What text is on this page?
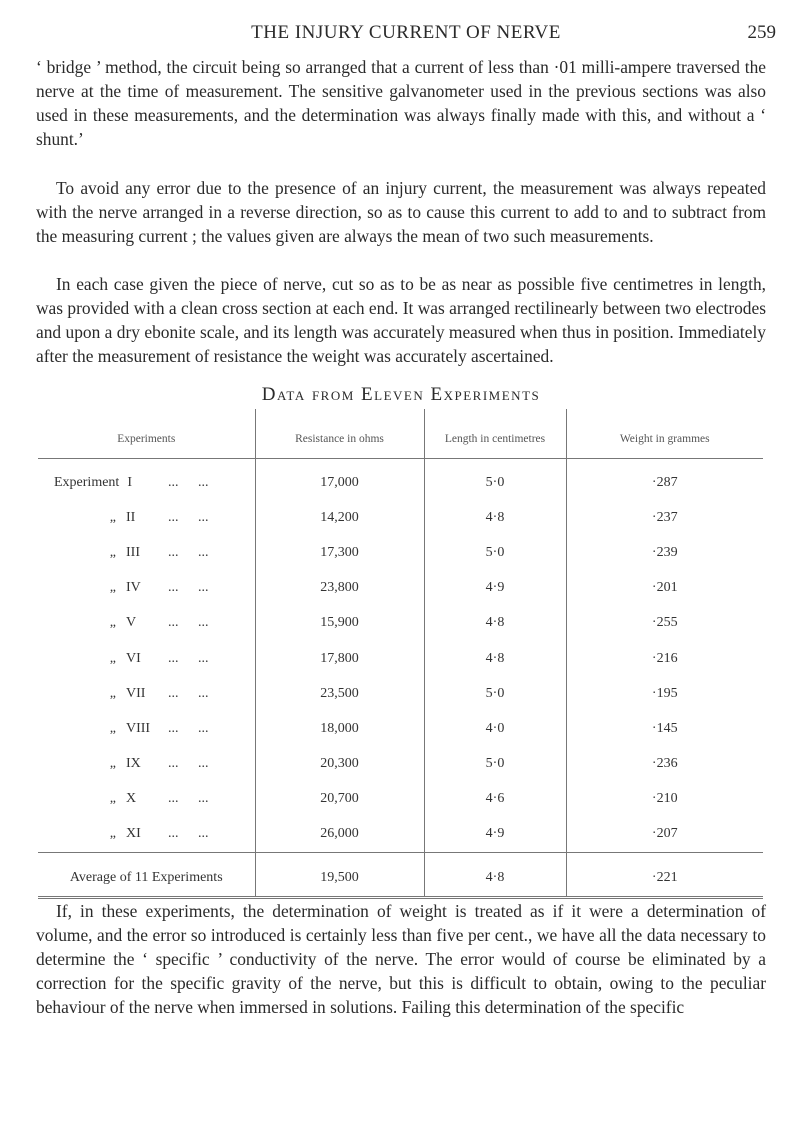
THE INJURY CURRENT OF NERVE	259

‘ bridge ’ method, the circuit being so arranged that a current of less than ·01 milli-ampere traversed the nerve at the time of measurement. The sensitive galvanometer used in the previous sections was also used in these measurements, and the determination was always finally made with this, and without a ‘ shunt.’

To avoid any error due to the presence of an injury current, the measurement was always repeated with the nerve arranged in a reverse direction, so as to cause this current to add to and to subtract from the measuring current ; the values given are always the mean of two such measurements.

In each case given the piece of nerve, cut so as to be as near as possible five centimetres in length, was provided with a clean cross section at each end. It was arranged rectilinearly between two electrodes and upon a dry ebonite scale, and its length was accurately measured when thus in position. Immediately after the measurement of resistance the weight was accurately ascertained.

Data from Eleven Experiments
Experiments	Resistance in ohms	Length in centimetres	Weight in grammes
Experiment I ... ...	17,000	5·0	·287
„ II ... ...	14,200	4·8	·237
„ III ... ...	17,300	5·0	·239
„ IV ... ...	23,800	4·9	·201
„ V ... ...	15,900	4·8	·255
„ VI ... ...	17,800	4·8	·216
„ VII ... ...	23,500	5·0	·195
„ VIII ... ...	18,000	4·0	·145
„ IX ... ...	20,300	5·0	·236
„ X ... ...	20,700	4·6	·210
„ XI ... ...	26,000	4·9	·207
Average of 11 Experiments	19,500	4·8	·221

If, in these experiments, the determination of weight is treated as if it were a determination of volume, and the error so introduced is certainly less than five per cent., we have all the data necessary to determine the ‘ specific ’ conductivity of the nerve. The error would of course be eliminated by a correction for the specific gravity of the nerve, but this is difficult to obtain, owing to the peculiar behaviour of the nerve when immersed in solutions. Failing this determination of the specific
